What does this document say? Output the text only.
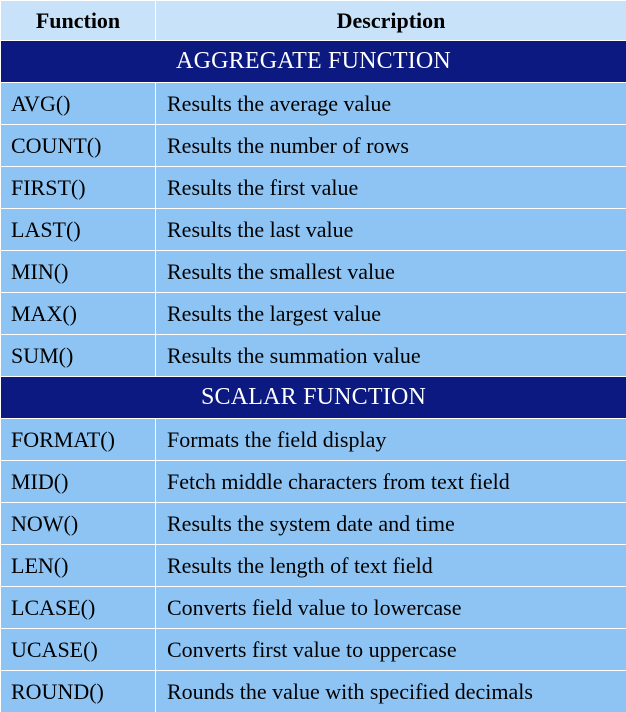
Function	Description
AGGREGATE FUNCTION	
AVG()	Results the average value
COUNT()	Results the number of rows
FIRST()	Results the first value
LAST()	Results the last value
MIN()	Results the smallest value
MAX()	Results the largest value
SUM()	Results the summation value
SCALAR FUNCTION	
FORMAT()	Formats the field display
MID()	Fetch middle characters from text field
NOW()	Results the system date and time
LEN()	Results the length of text field
LCASE()	Converts field value to lowercase
UCASE()	Converts first value to uppercase
ROUND()	Rounds the value with specified decimals
